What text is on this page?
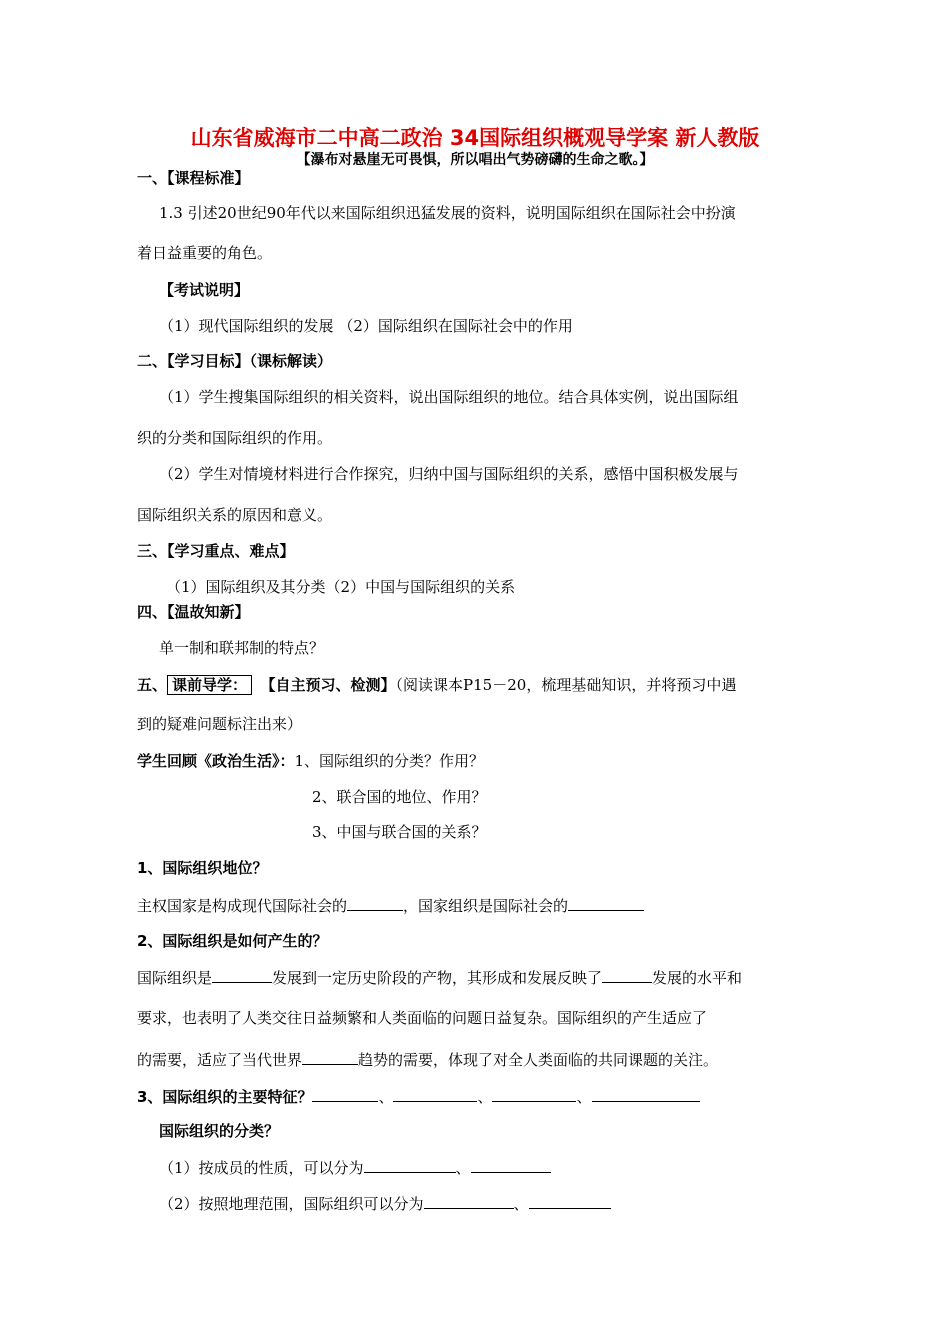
山东省威海市二中高二政治 34国际组织概观导学案 新人教版
【瀑布对悬崖无可畏惧，所以唱出气势磅礴的生命之歌。】
一、【课程标准】
1.3 引述20世纪90年代以来国际组织迅猛发展的资料，说明国际组织在国际社会中扮演
着日益重要的角色。
【考试说明】
（1）现代国际组织的发展 （2）国际组织在国际社会中的作用
二、【学习目标】（课标解读）
（1）学生搜集国际组织的相关资料，说出国际组织的地位。结合具体实例，说出国际组
织的分类和国际组织的作用。
（2）学生对情境材料进行合作探究，归纳中国与国际组织的关系，感悟中国积极发展与
国际组织关系的原因和意义。
三、【学习重点、难点】
（1）国际组织及其分类（2）中国与国际组织的关系
四、【温故知新】
单一制和联邦制的特点？
五、 课前导学： 【自主预习、检测】（阅读课本P15－20，梳理基础知识，并将预习中遇
到的疑难问题标注出来）
学生回顾《政治生活》：1、国际组织的分类？作用？
2、联合国的地位、作用？
3、中国与联合国的关系？
1、国际组织地位？
主权国家是构成现代国际社会的	，国家组织是国际社会的
2、国际组织是如何产生的？
国际组织是	发展到一定历史阶段的产物，其形成和发展反映了	发展的水平和
要求，也表明了人类交往日益频繁和人类面临的问题日益复杂。国际组织的产生适应了
的需要，适应了当代世界	趋势的需要，体现了对全人类面临的共同课题的关注。
3、国际组织的主要特征？	、	、	、
国际组织的分类？
（1）按成员的性质，可以分为	、
（2）按照地理范围，国际组织可以分为	、
